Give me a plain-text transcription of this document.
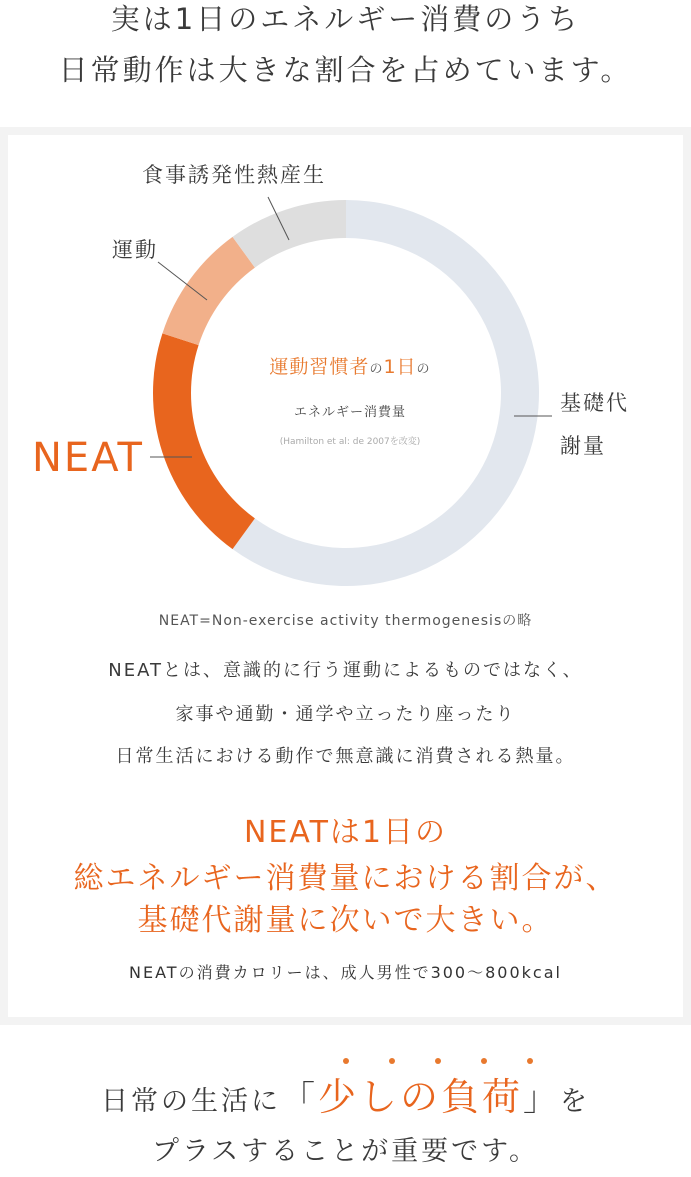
実は1日のエネルギー消費のうち
日常動作は大きな割合を占めています。
運動習慣者の1日の
エネルギー消費量
(Hamilton et al: de 2007を改変)
食事誘発性熱産生
運動
NEAT
基礎代
謝量
NEAT=Non-exercise activity thermogenesisの略
NEATとは、意識的に行う運動によるものではなく、
家事や通勤・通学や立ったり座ったり
日常生活における動作で無意識に消費される熱量。
NEATは1日の
総エネルギー消費量における割合が、
基礎代謝量に次いで大きい。
NEATの消費カロリーは、成人男性で300〜800kcal
日常の生活に「少しの負荷」を
プラスすることが重要です。
